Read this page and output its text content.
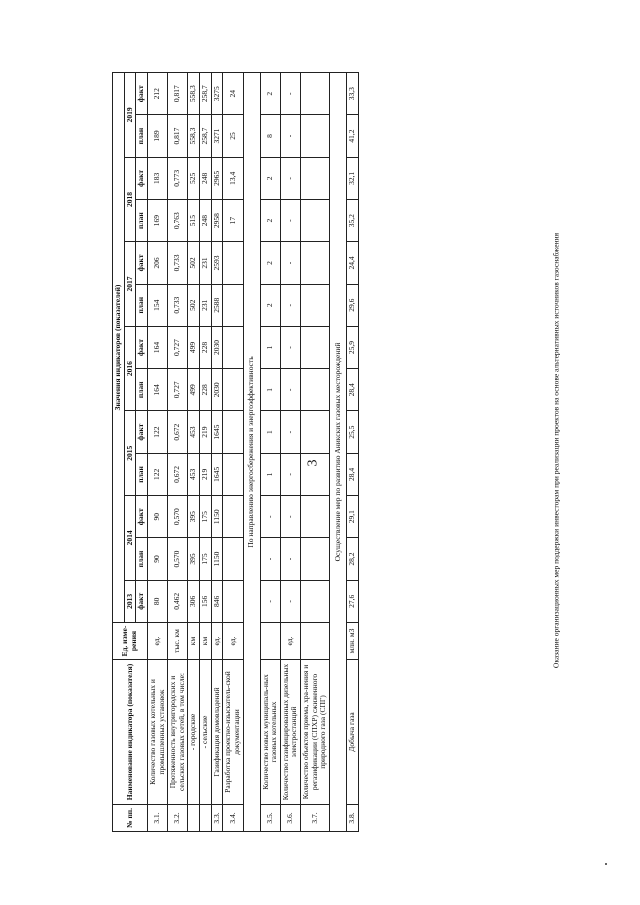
3
№ пп.	Наименование индикатора (показателя)	Ед. изме-рения	Значения индикаторов (показателей)												
			2013	2014		2015		2016		2017		2018		2019	
			факт	план	факт	план	факт	план	факт	план	факт	план	факт	план	факт
3.1.	Количество газовых котельных и промышленных установок	ед.	80	90	90	122	122	164	164	154	206	169	183	189	212
3.2.	Протяженность внутригородских и сельских газовых сетей, в том числе:	тыс. км	0,462	0,570	0,570	0,672	0,672	0,727	0,727	0,733	0,733	0,763	0,773	0,817	0,817
	- городские	км	306	395	395	453	453	499	499	502	502	515	525	558,3	558,3
	- сельские	км	156	175	175	219	219	228	228	231	231	248	248	258,7	258,7
3.3.	Газификация домовладений	ед.	846	1150	1150	1645	1645	2030	2030	2588	2593	2958	2965	3271	3275
3.4.	Разработка проектно-изыскатель-ской документации	ед.										17	13,4	25	24
По направлению энергосбережения и энергоэффективность															
3.5.	Количество новых муниципаль-ных газовых котельных		-	-	-	1	1	1	1	2	2	2	2	8	2
3.6.	Количество газифицированных дизельных электростанций	ед.	-	-	-	-	-	-	-	-	-	-	-	-	-
3.7.	Количество объектов приема, хра-нения и регазификации (СПХР) сжиженного природного газа (СПГ)														
Осуществление мер по развитию Аникских газовых месторождений															
3.8.	Добыча газа	млн. м3	27,6	28,2	29,1	28,4	25,5	28,4	25,9	29,6	24,4	35,2	32,1	41,2	33,3
Оказание организационных мер поддержки инвесторам при реализации проектов на основе альтернативных источников газоснабжения
